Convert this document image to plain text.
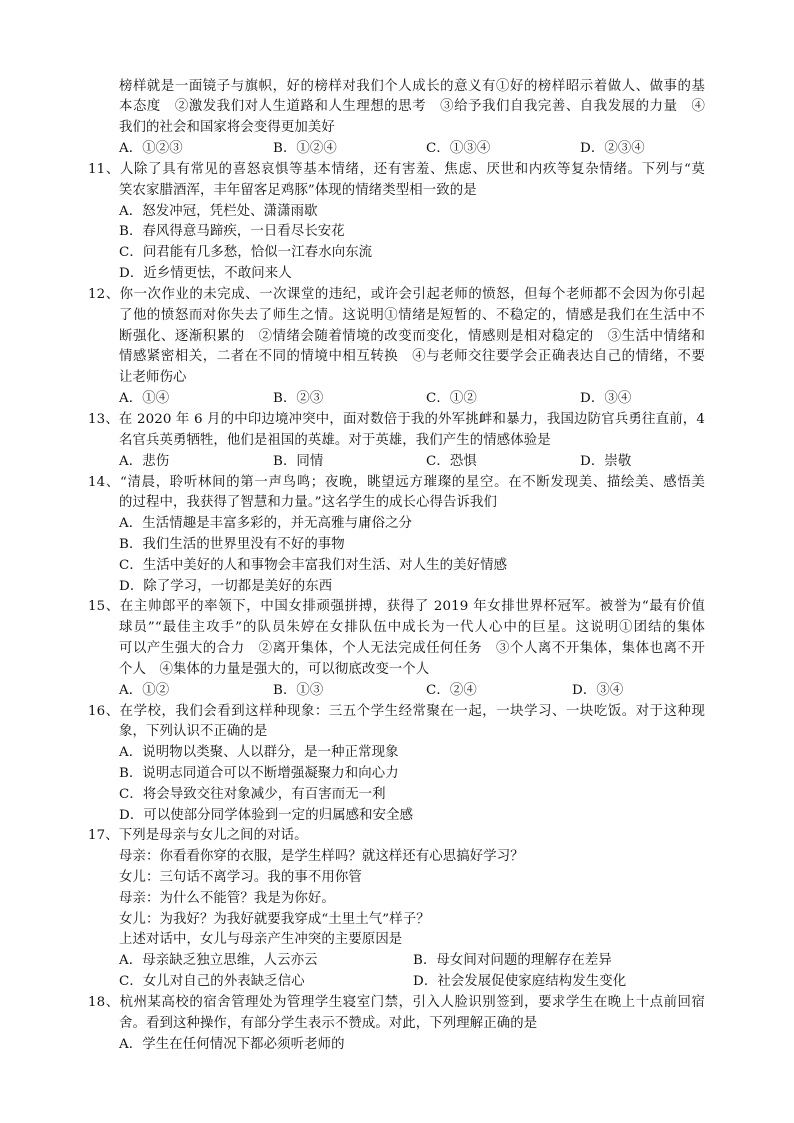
榜样就是一面镜子与旗帜，好的榜样对我们个人成长的意义有①好的榜样昭示着做人、做事的基
本态度　②激发我们对人生道路和人生理想的思考　③给予我们自我完善、自我发展的力量　④
我们的社会和国家将会变得更加美好
A．①②③	B．①②④	C．①③④	D．②③④
11、人除了具有常见的喜怒哀惧等基本情绪，还有害羞、焦虑、厌世和内疚等复杂情绪。下列与“莫
笑农家腊酒浑，丰年留客足鸡豚”体现的情绪类型相一致的是
A．怒发冲冠，凭栏处、潇潇雨歇
B．春风得意马蹄疾，一日看尽长安花
C．问君能有几多愁，恰似一江春水向东流
D．近乡情更怯，不敢问来人
12、你一次作业的未完成、一次课堂的违纪，或许会引起老师的愤怒，但每个老师都不会因为你引起
了他的愤怒而对你失去了师生之情。这说明①情绪是短暂的、不稳定的，情感是我们在生活中不
断强化、逐渐积累的　②情绪会随着情境的改变而变化，情感则是相对稳定的　③生活中情绪和
情感紧密相关，二者在不同的情境中相互转换　④与老师交往要学会正确表达自己的情绪，不要
让老师伤心
A．①④	B．②③	C．①②	D．③④
13、在 2020 年 6 月的中印边境冲突中，面对数倍于我的外军挑衅和暴力，我国边防官兵勇往直前，4
名官兵英勇牺牲，他们是祖国的英雄。对于英雄，我们产生的情感体验是
A．悲伤	B．同情	C．恐惧	D．崇敬
14、“清晨，聆听林间的第一声鸟鸣；夜晚，眺望远方璀璨的星空。在不断发现美、描绘美、感悟美
的过程中，我获得了智慧和力量。”这名学生的成长心得告诉我们
A．生活情趣是丰富多彩的，并无高雅与庸俗之分
B．我们生活的世界里没有不好的事物
C．生活中美好的人和事物会丰富我们对生活、对人生的美好情感
D．除了学习，一切都是美好的东西
15、在主帅郎平的率领下，中国女排顽强拼搏，获得了 2019 年女排世界杯冠军。被誉为“最有价值
球员”“最佳主攻手”的队员朱婷在女排队伍中成长为一代人心中的巨星。这说明①团结的集体
可以产生强大的合力　②离开集体，个人无法完成任何任务　③个人离不开集体，集体也离不开
个人　④集体的力量是强大的，可以彻底改变一个人
A．①②	B．①③	C．②④	D．③④
16、在学校，我们会看到这样种现象：三五个学生经常聚在一起，一块学习、一块吃饭。对于这种现
象，下列认识不正确的是
A．说明物以类聚、人以群分，是一种正常现象
B．说明志同道合可以不断增强凝聚力和向心力
C．将会导致交往对象减少，有百害而无一利
D．可以使部分同学体验到一定的归属感和安全感
17、下列是母亲与女儿之间的对话。
母亲：你看看你穿的衣服，是学生样吗？就这样还有心思搞好学习？
女儿：三句话不离学习。我的事不用你管
母亲：为什么不能管？我是为你好。
女儿：为我好？为我好就要我穿成“土里土气”样子？
上述对话中，女儿与母亲产生冲突的主要原因是
A．母亲缺乏独立思维，人云亦云	B．母女间对问题的理解存在差异
C．女儿对自己的外表缺乏信心	D．社会发展促使家庭结构发生变化
18、杭州某高校的宿舍管理处为管理学生寝室门禁，引入人脸识别签到，要求学生在晚上十点前回宿
舍。看到这种操作，有部分学生表示不赞成。对此，下列理解正确的是
A．学生在任何情况下都必须听老师的
